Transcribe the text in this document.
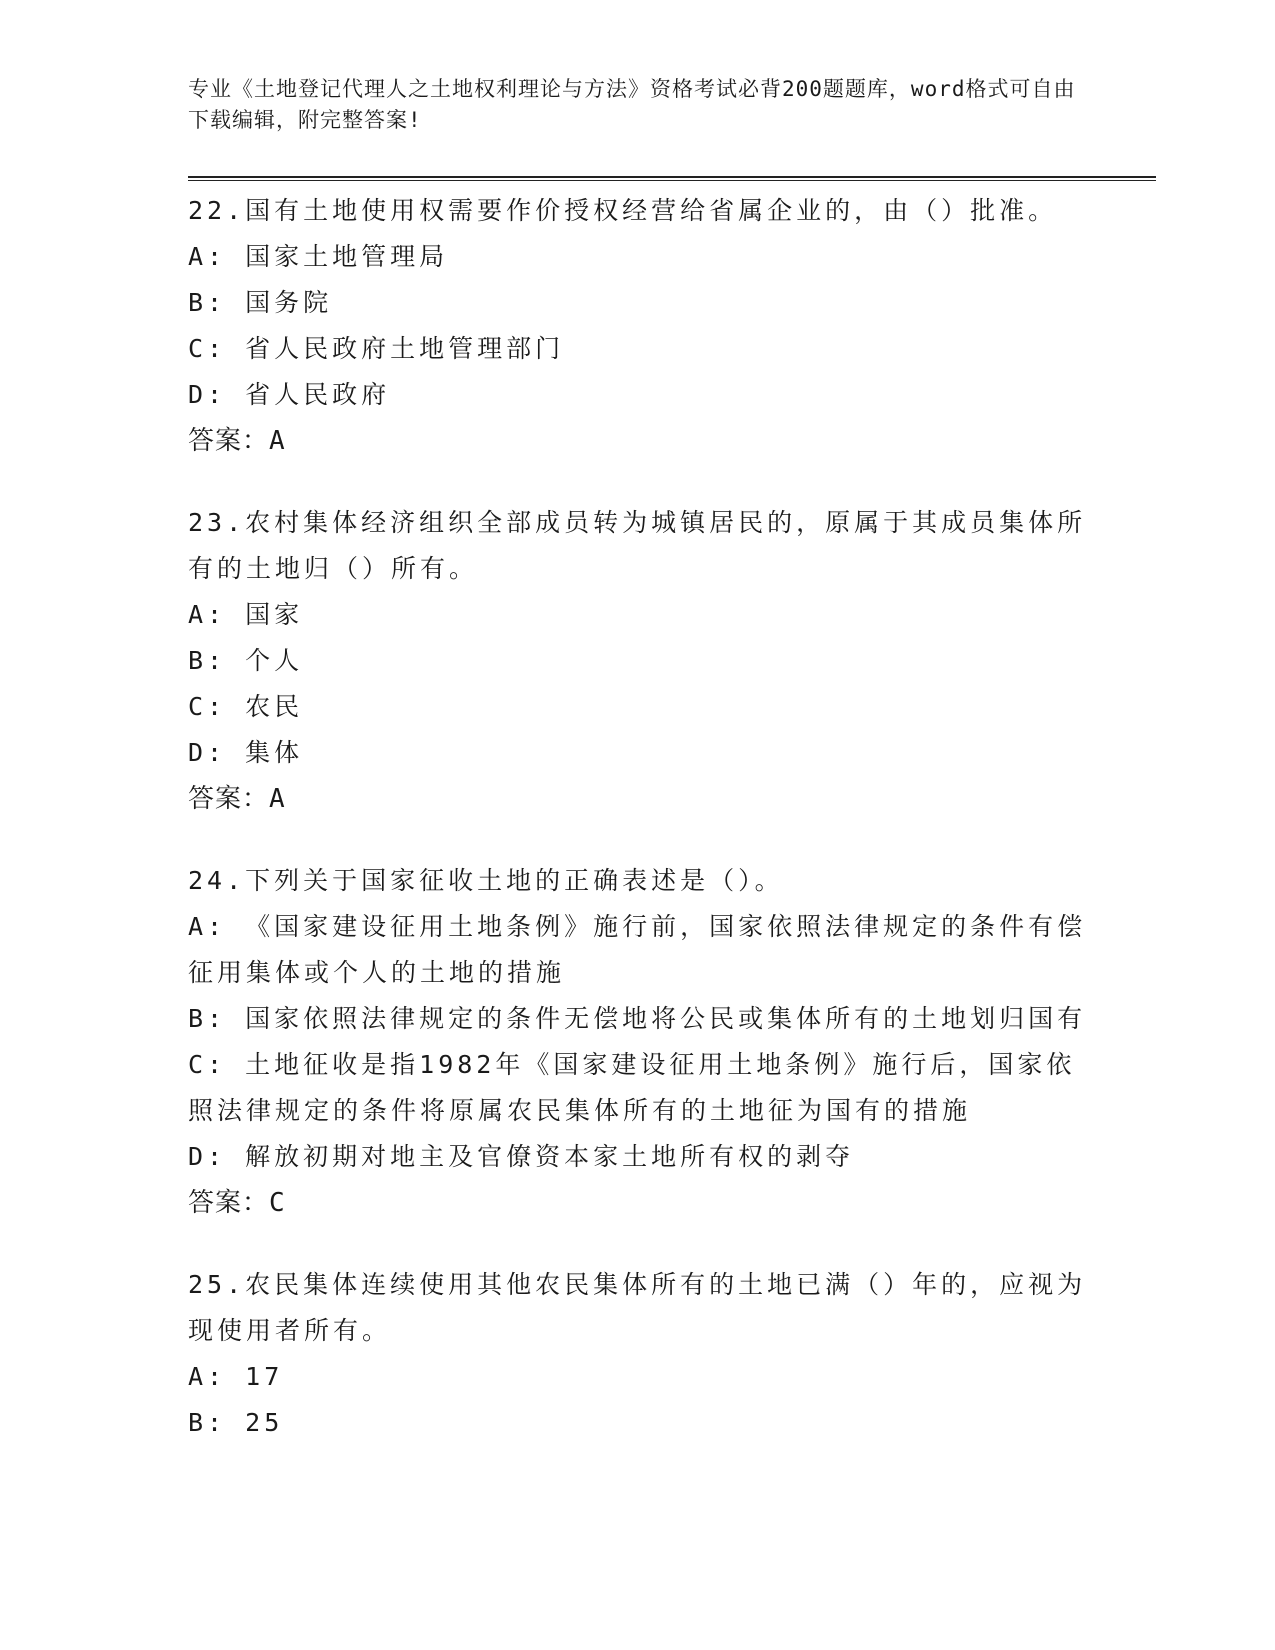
专业《土地登记代理人之土地权利理论与方法》资格考试必背200题题库，word格式可自由下载编辑，附完整答案!
22.国有土地使用权需要作价授权经营给省属企业的，由（）批准。
A: 国家土地管理局
B: 国务院
C: 省人民政府土地管理部门
D: 省人民政府
答案：A
23.农村集体经济组织全部成员转为城镇居民的，原属于其成员集体所有的土地归（）所有。
A: 国家
B: 个人
C: 农民
D: 集体
答案：A
24.下列关于国家征收土地的正确表述是（）。
A: 《国家建设征用土地条例》施行前，国家依照法律规定的条件有偿征用集体或个人的土地的措施
B: 国家依照法律规定的条件无偿地将公民或集体所有的土地划归国有
C: 土地征收是指1982年《国家建设征用土地条例》施行后，国家依照法律规定的条件将原属农民集体所有的土地征为国有的措施
D: 解放初期对地主及官僚资本家土地所有权的剥夺
答案：C
25.农民集体连续使用其他农民集体所有的土地已满（）年的，应视为现使用者所有。
A: 17
B: 25
